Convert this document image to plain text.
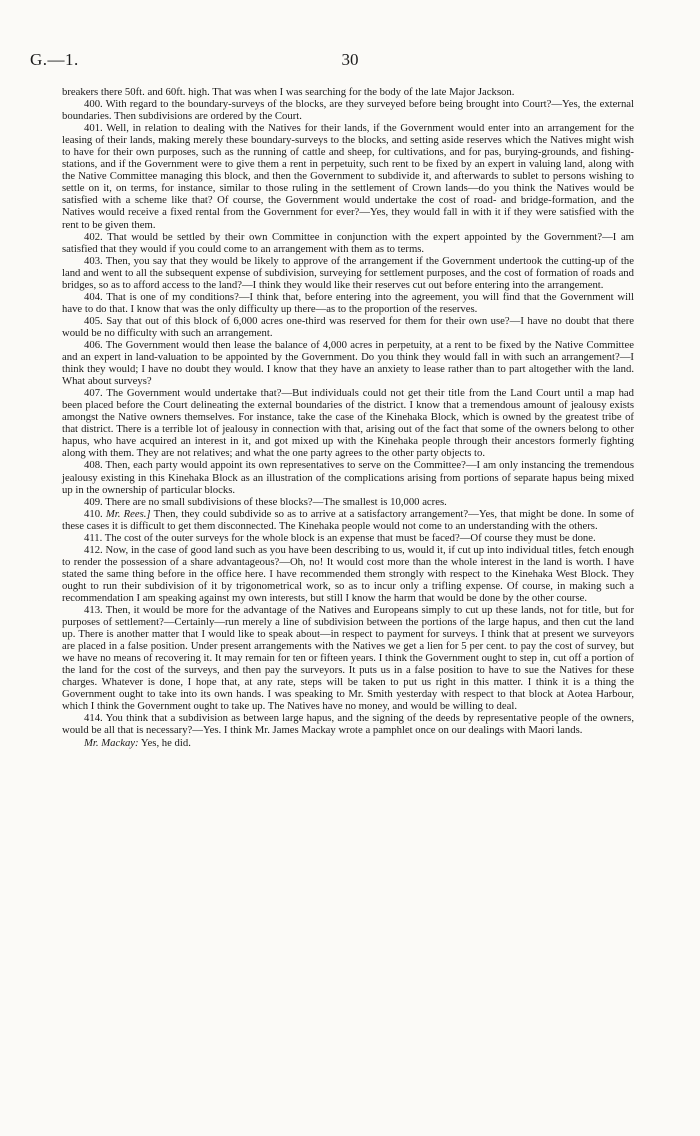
G.—1.	30

breakers there 50ft. and 60ft. high. That was when I was searching for the body of the late Major Jackson.

400. With regard to the boundary-surveys of the blocks, are they surveyed before being brought into Court?—Yes, the external boundaries. Then subdivisions are ordered by the Court.

401. Well, in relation to dealing with the Natives for their lands, if the Government would enter into an arrangement for the leasing of their lands, making merely these boundary-surveys to the blocks, and setting aside reserves which the Natives might wish to have for their own purposes, such as the running of cattle and sheep, for cultivations, and for pas, burying-grounds, and fishing-stations, and if the Government were to give them a rent in perpetuity, such rent to be fixed by an expert in valuing land, along with the Native Committee managing this block, and then the Government to subdivide it, and afterwards to sublet to persons wishing to settle on it, on terms, for instance, similar to those ruling in the settlement of Crown lands—do you think the Natives would be satisfied with a scheme like that? Of course, the Government would undertake the cost of road- and bridge-formation, and the Natives would receive a fixed rental from the Government for ever?—Yes, they would fall in with it if they were satisfied with the rent to be given them.

402. That would be settled by their own Committee in conjunction with the expert appointed by the Government?—I am satisfied that they would if you could come to an arrangement with them as to terms.

403. Then, you say that they would be likely to approve of the arrangement if the Government undertook the cutting-up of the land and went to all the subsequent expense of subdivision, surveying for settlement purposes, and the cost of formation of roads and bridges, so as to afford access to the land?—I think they would like their reserves cut out before entering into the arrangement.

404. That is one of my conditions?—I think that, before entering into the agreement, you will find that the Government will have to do that. I know that was the only difficulty up there—as to the proportion of the reserves.

405. Say that out of this block of 6,000 acres one-third was reserved for them for their own use?—I have no doubt that there would be no difficulty with such an arrangement.

406. The Government would then lease the balance of 4,000 acres in perpetuity, at a rent to be fixed by the Native Committee and an expert in land-valuation to be appointed by the Government. Do you think they would fall in with such an arrangement?—I think they would; I have no doubt they would. I know that they have an anxiety to lease rather than to part altogether with the land. What about surveys?

407. The Government would undertake that?—But individuals could not get their title from the Land Court until a map had been placed before the Court delineating the external boundaries of the district. I know that a tremendous amount of jealousy exists amongst the Native owners themselves. For instance, take the case of the Kinehaka Block, which is owned by the greatest tribe of that district. There is a terrible lot of jealousy in connection with that, arising out of the fact that some of the owners belong to other hapus, who have acquired an interest in it, and got mixed up with the Kinehaka people through their ancestors formerly fighting along with them. They are not relatives; and what the one party agrees to the other party objects to.

408. Then, each party would appoint its own representatives to serve on the Committee?—I am only instancing the tremendous jealousy existing in this Kinehaka Block as an illustration of the complications arising from portions of separate hapus being mixed up in the ownership of particular blocks.

409. There are no small subdivisions of these blocks?—The smallest is 10,000 acres.

410. Mr. Rees.] Then, they could subdivide so as to arrive at a satisfactory arrangement?—Yes, that might be done. In some of these cases it is difficult to get them disconnected. The Kinehaka people would not come to an understanding with the others.

411. The cost of the outer surveys for the whole block is an expense that must be faced?—Of course they must be done.

412. Now, in the case of good land such as you have been describing to us, would it, if cut up into individual titles, fetch enough to render the possession of a share advantageous?—Oh, no! It would cost more than the whole interest in the land is worth. I have stated the same thing before in the office here. I have recommended them strongly with respect to the Kinehaka West Block. They ought to run their subdivision of it by trigonometrical work, so as to incur only a trifling expense. Of course, in making such a recommendation I am speaking against my own interests, but still I know the harm that would be done by the other course.

413. Then, it would be more for the advantage of the Natives and Europeans simply to cut up these lands, not for title, but for purposes of settlement?—Certainly—run merely a line of subdivision between the portions of the large hapus, and then cut the land up. There is another matter that I would like to speak about—in respect to payment for surveys. I think that at present we surveyors are placed in a false position. Under present arrangements with the Natives we get a lien for 5 per cent. to pay the cost of survey, but we have no means of recovering it. It may remain for ten or fifteen years. I think the Government ought to step in, cut off a portion of the land for the cost of the surveys, and then pay the surveyors. It puts us in a false position to have to sue the Natives for these charges. Whatever is done, I hope that, at any rate, steps will be taken to put us right in this matter. I think it is a thing the Government ought to take into its own hands. I was speaking to Mr. Smith yesterday with respect to that block at Aotea Harbour, which I think the Government ought to take up. The Natives have no money, and would be willing to deal.

414. You think that a subdivision as between large hapus, and the signing of the deeds by representative people of the owners, would be all that is necessary?—Yes. I think Mr. James Mackay wrote a pamphlet once on our dealings with Maori lands.

Mr. Mackay: Yes, he did.
